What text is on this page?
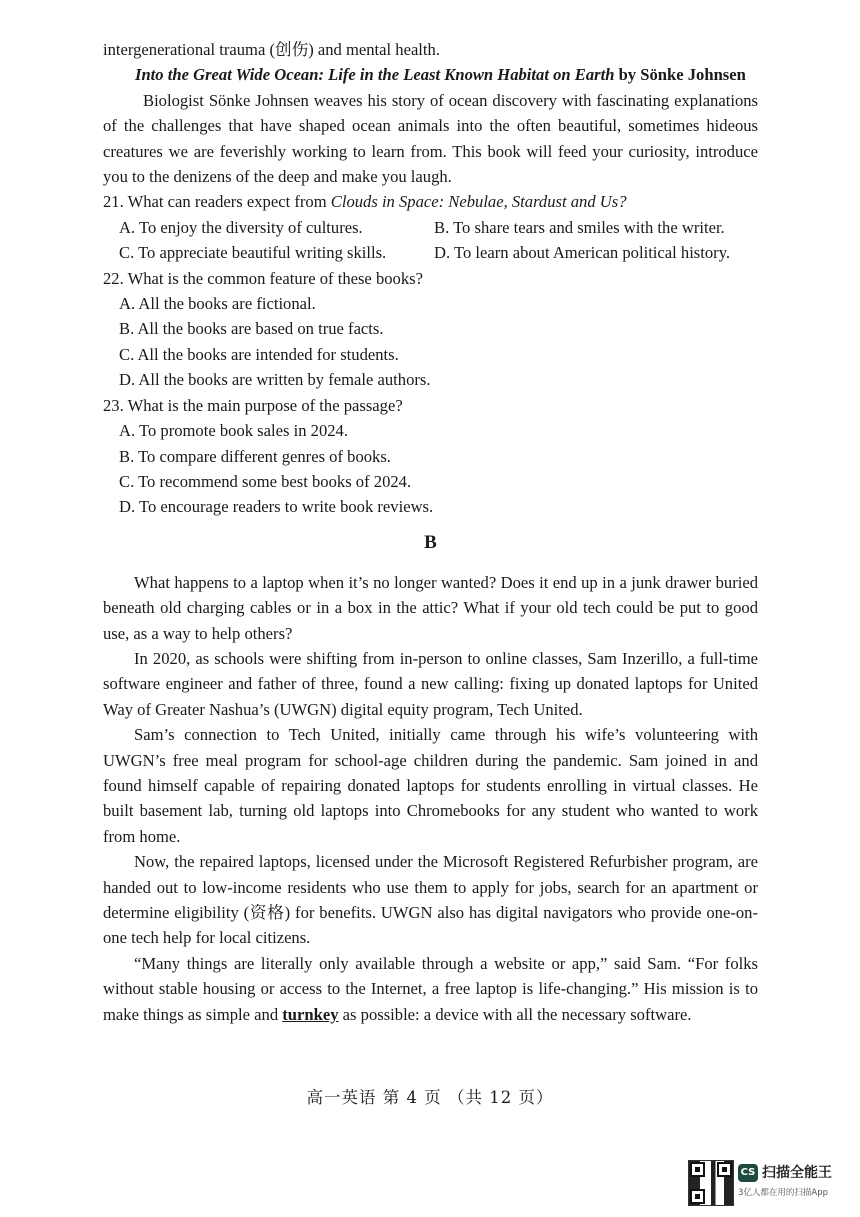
intergenerational trauma (创伤) and mental health.

Into the Great Wide Ocean: Life in the Least Known Habitat on Earth by Sönke Johnsen

Biologist Sönke Johnsen weaves his story of ocean discovery with fascinating explanations of the challenges that have shaped ocean animals into the often beautiful, sometimes hideous creatures we are feverishly working to learn from. This book will feed your curiosity, introduce you to the denizens of the deep and make you laugh.

21. What can readers expect from Clouds in Space: Nebulae, Stardust and Us?

A. To enjoy the diversity of cultures.	B. To share tears and smiles with the writer.
C. To appreciate beautiful writing skills.	D. To learn about American political history.

22. What is the common feature of these books?

A. All the books are fictional.

B. All the books are based on true facts.

C. All the books are intended for students.

D. All the books are written by female authors.

23. What is the main purpose of the passage?

A. To promote book sales in 2024.

B. To compare different genres of books.

C. To recommend some best books of 2024.

D. To encourage readers to write book reviews.

B

What happens to a laptop when it’s no longer wanted? Does it end up in a junk drawer buried beneath old charging cables or in a box in the attic? What if your old tech could be put to good use, as a way to help others?

In 2020, as schools were shifting from in-person to online classes, Sam Inzerillo, a full-time software engineer and father of three, found a new calling: fixing up donated laptops for United Way of Greater Nashua’s (UWGN) digital equity program, Tech United.

Sam’s connection to Tech United, initially came through his wife’s volunteering with UWGN’s free meal program for school-age children during the pandemic. Sam joined in and found himself capable of repairing donated laptops for students enrolling in virtual classes. He built basement lab, turning old laptops into Chromebooks for any student who wanted to work from home.

Now, the repaired laptops, licensed under the Microsoft Registered Refurbisher program, are handed out to low-income residents who use them to apply for jobs, search for an apartment or determine eligibility (资格) for benefits. UWGN also has digital navigators who provide one-on-one tech help for local citizens.

“Many things are literally only available through a website or app,” said Sam. “For folks without stable housing or access to the Internet, a free laptop is life-changing.” His mission is to make things as simple and turnkey as possible: a device with all the necessary software.

高一英语 第 4 页 （共 12 页）
CS 扫描全能王
3亿人都在用的扫描App
